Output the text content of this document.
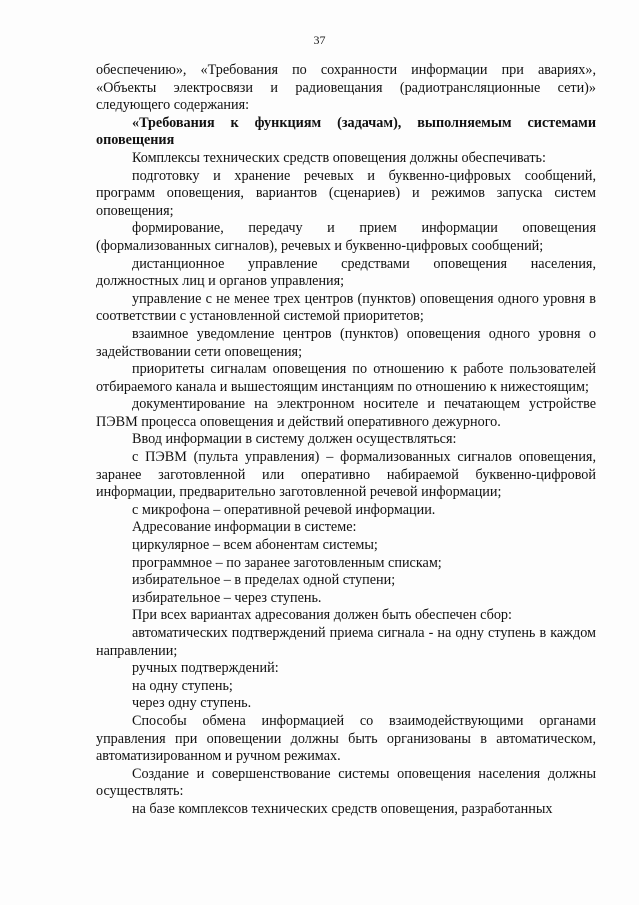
37

обеспечению», «Требования по сохранности информации при авариях», «Объекты электросвязи и радиовещания (радиотрансляционные сети)» следующего содержания:

«Требования к функциям (задачам), выполняемым системами оповещения

Комплексы технических средств оповещения должны обеспечивать:

подготовку и хранение речевых и буквенно-цифровых сообщений, программ оповещения, вариантов (сценариев) и режимов запуска систем оповещения;

формирование, передачу и прием информации оповещения (формализованных сигналов), речевых и буквенно-цифровых сообщений;

дистанционное управление средствами оповещения населения, должностных лиц и органов управления;

управление с не менее трех центров (пунктов) оповещения одного уровня в соответствии с установленной системой приоритетов;

взаимное уведомление центров (пунктов) оповещения одного уровня о задействовании сети оповещения;

приоритеты сигналам оповещения по отношению к работе пользователей отбираемого канала и вышестоящим инстанциям по отношению к нижестоящим;

документирование на электронном носителе и печатающем устройстве ПЭВМ процесса оповещения и действий оперативного дежурного.

Ввод информации в систему должен осуществляться:

с ПЭВМ (пульта управления) – формализованных сигналов оповещения, заранее заготовленной или оперативно набираемой буквенно-цифровой информации, предварительно заготовленной речевой информации;

с микрофона – оперативной речевой информации.

Адресование информации в системе:

циркулярное – всем абонентам системы;

программное – по заранее заготовленным спискам;

избирательное – в пределах одной ступени;

избирательное – через ступень.

При всех вариантах адресования должен быть обеспечен сбор:

автоматических подтверждений приема сигнала - на одну ступень в каждом направлении;

ручных подтверждений:

на одну ступень;

через одну ступень.

Способы обмена информацией со взаимодействующими органами управления при оповещении должны быть организованы в автоматическом, автоматизированном и ручном режимах.

Создание и совершенствование системы оповещения населения должны осуществлять:

на базе комплексов технических средств оповещения, разработанных
